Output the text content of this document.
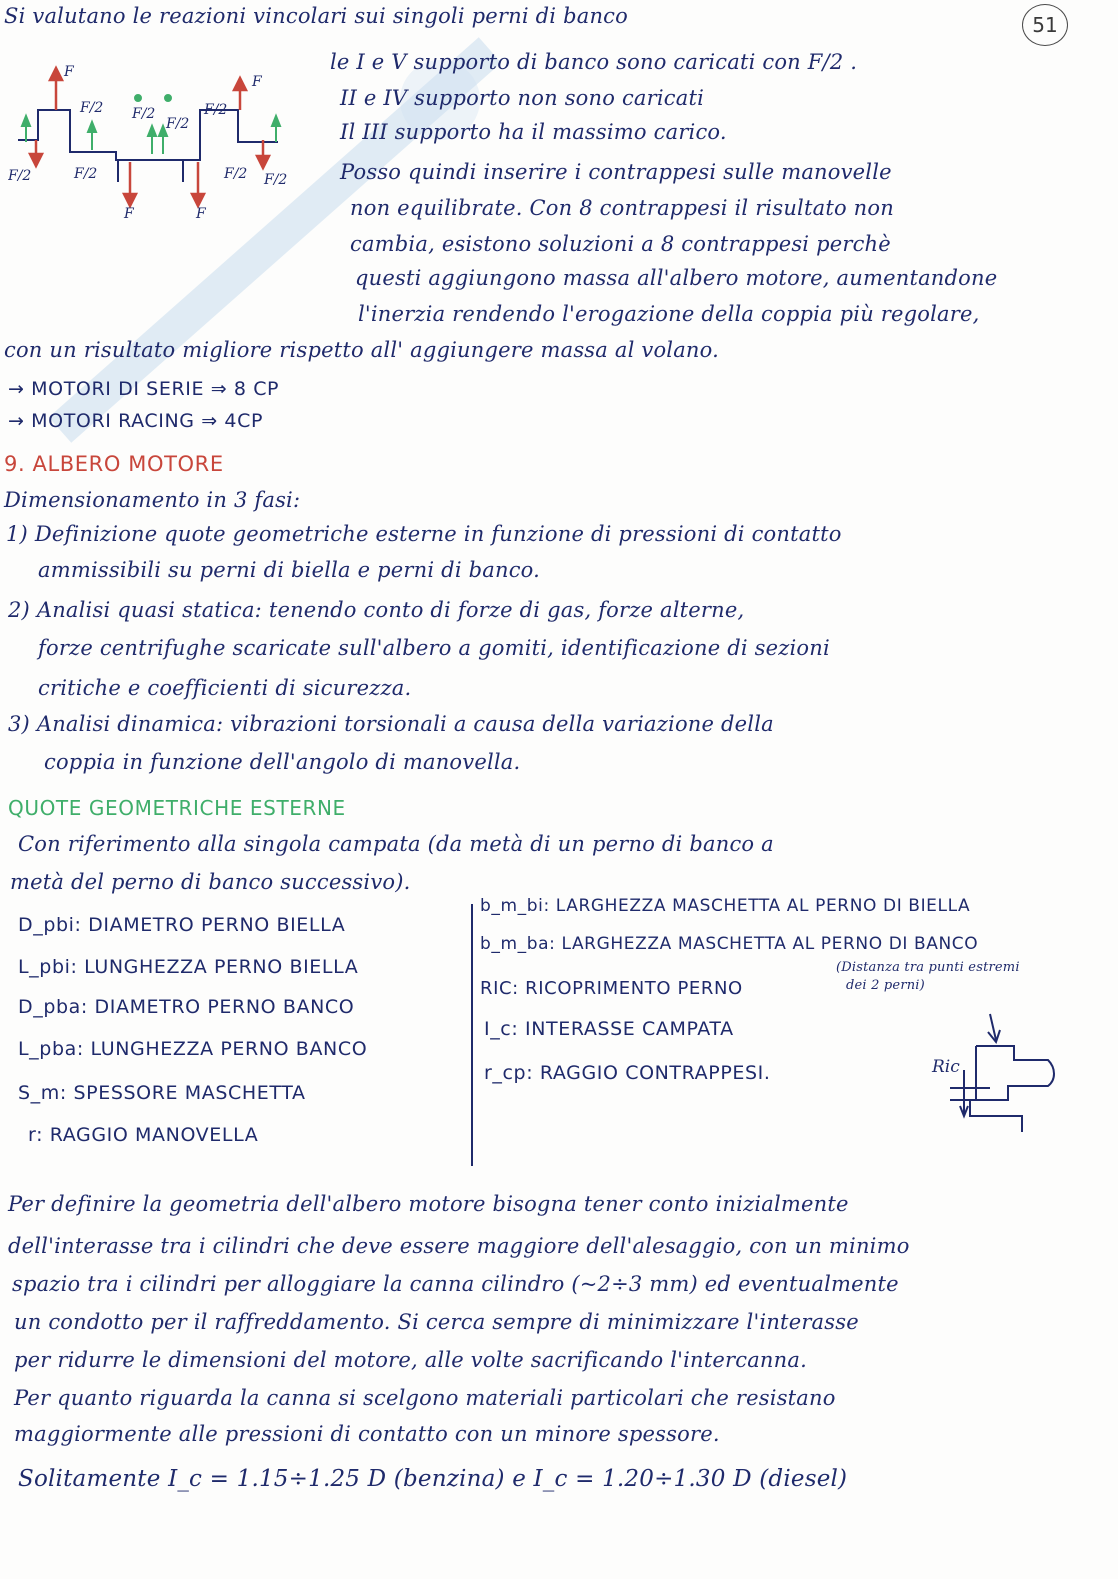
51
Si valutano le reazioni vincolari sui singoli perni di banco
F
F
F/2
F/2	F/2
F/2
F/2
F/2
F/2 F/2
F	F
le I e V supporto di banco sono caricati con F/2 .
II e IV supporto non sono caricati
Il III supporto ha il massimo carico.
Posso quindi inserire i contrappesi sulle manovelle
non equilibrate. Con 8 contrappesi il risultato non
cambia, esistono soluzioni a 8 contrappesi perchè
questi aggiungono massa all'albero motore, aumentandone
l'inerzia rendendo l'erogazione della coppia più regolare,
con un risultato migliore rispetto all' aggiungere massa al volano.
→ MOTORI DI SERIE ⇒ 8 CP
→ MOTORI RACING ⇒ 4CP
9. ALBERO MOTORE
Dimensionamento in 3 fasi:
1) Definizione quote geometriche esterne in funzione di pressioni di contatto
ammissibili su perni di biella e perni di banco.
2) Analisi quasi statica: tenendo conto di forze di gas, forze alterne,
forze centrifughe scaricate sull'albero a gomiti, identificazione di sezioni
critiche e coefficienti di sicurezza.
3) Analisi dinamica: vibrazioni torsionali a causa della variazione della
coppia in funzione dell'angolo di manovella.
QUOTE GEOMETRICHE ESTERNE
Con riferimento alla singola campata (da metà di un perno di banco a
metà del perno di banco successivo).
D_pbi: DIAMETRO PERNO BIELLA
L_pbi: LUNGHEZZA PERNO BIELLA
D_pba: DIAMETRO PERNO BANCO
L_pba: LUNGHEZZA PERNO BANCO
S_m: SPESSORE MASCHETTA
r: RAGGIO MANOVELLA
b_m_bi: LARGHEZZA MASCHETTA AL PERNO DI BIELLA
b_m_ba: LARGHEZZA MASCHETTA AL PERNO DI BANCO
RIC: RICOPRIMENTO PERNO
(Distanza tra punti estremi
dei 2 perni)
I_c: INTERASSE CAMPATA
r_cp: RAGGIO CONTRAPPESI.	Ric
Per definire la geometria dell'albero motore bisogna tener conto inizialmente
dell'interasse tra i cilindri che deve essere maggiore dell'alesaggio, con un minimo
spazio tra i cilindri per alloggiare la canna cilindro (~2÷3 mm) ed eventualmente
un condotto per il raffreddamento. Si cerca sempre di minimizzare l'interasse
per ridurre le dimensioni del motore, alle volte sacrificando l'intercanna.
Per quanto riguarda la canna si scelgono materiali particolari che resistano
maggiormente alle pressioni di contatto con un minore spessore.
Solitamente I_c = 1.15÷1.25 D (benzina) e I_c = 1.20÷1.30 D (diesel)
